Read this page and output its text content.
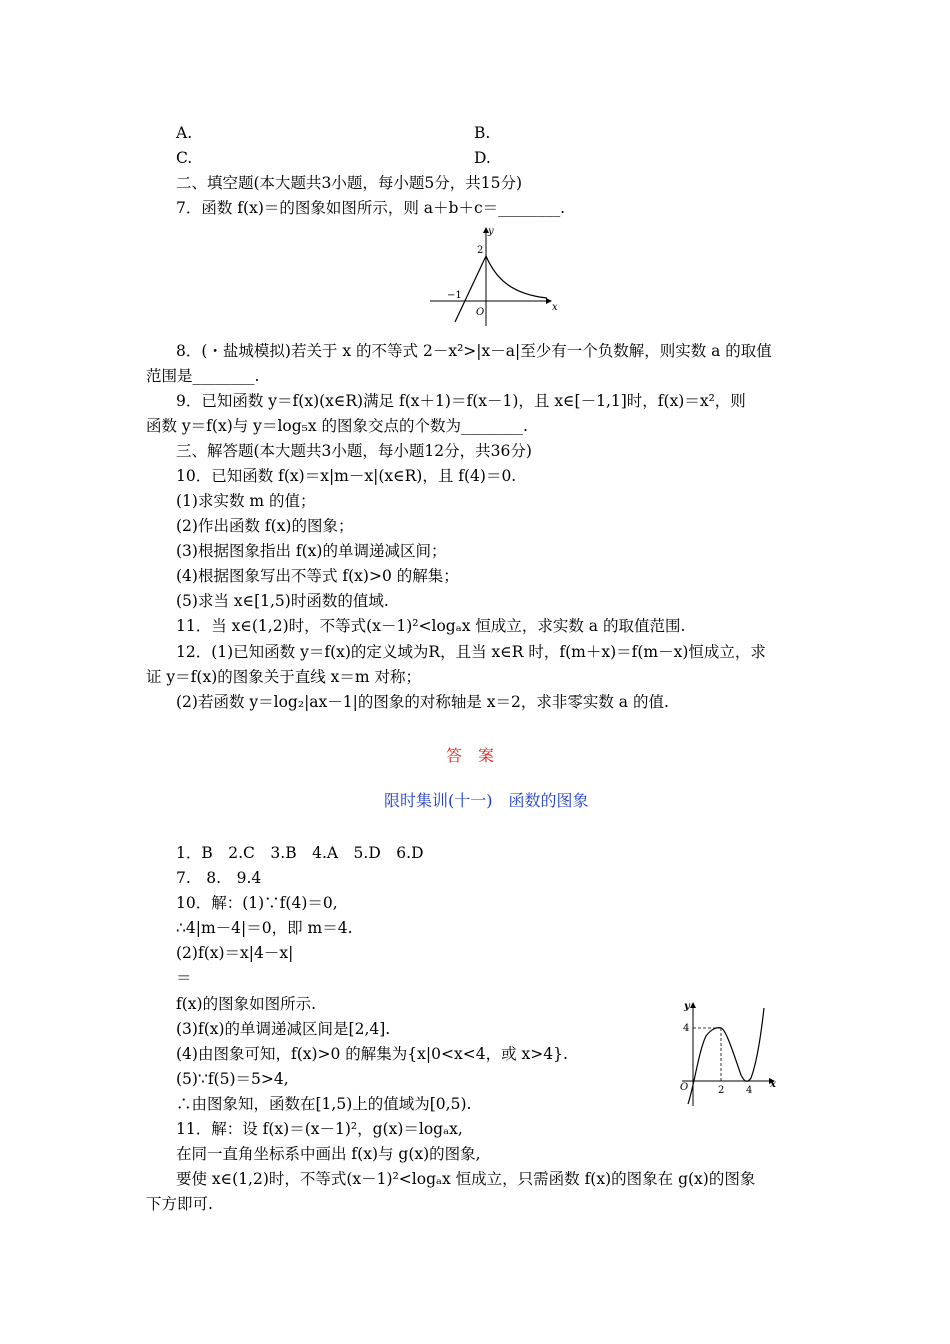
A.	B.
C.	D.
二、填空题(本大题共3小题，每小题5分，共15分)
7．函数 f(x)＝的图象如图所示，则 a＋b＋c＝________.
y
x
O
2
−1
8．(・盐城模拟)若关于 x 的不等式 2－x²>|x－a|至少有一个负数解，则实数 a 的取值
范围是________.
9．已知函数 y＝f(x)(x∈R)满足 f(x＋1)＝f(x－1)，且 x∈[－1,1]时，f(x)＝x²，则
函数 y＝f(x)与 y＝log₅x 的图象交点的个数为________.
三、解答题(本大题共3小题，每小题12分，共36分)
10．已知函数 f(x)＝x|m－x|(x∈R)，且 f(4)＝0.
(1)求实数 m 的值；
(2)作出函数 f(x)的图象；
(3)根据图象指出 f(x)的单调递减区间；
(4)根据图象写出不等式 f(x)>0 的解集；
(5)求当 x∈[1,5)时函数的值域.
11．当 x∈(1,2)时，不等式(x－1)²<logₐx 恒成立，求实数 a 的取值范围.
12．(1)已知函数 y＝f(x)的定义域为R，且当 x∈R 时，f(m＋x)＝f(m－x)恒成立，求
证 y＝f(x)的图象关于直线 x＝m 对称；
(2)若函数 y＝log₂|ax－1|的图象的对称轴是 x＝2，求非零实数 a 的值.
答　案
限时集训(十一)　函数的图象
1．B　2.C　3.B　4.A　5.D　6.D
7.　8.　9.4
10．解：(1)∵f(4)＝0,
∴4|m－4|＝0，即 m＝4.
(2)f(x)＝x|4－x|
＝
f(x)的图象如图所示.
(3)f(x)的单调递减区间是[2,4].
(4)由图象可知，f(x)>0 的解集为{x|0<x<4，或 x>4}.
(5)∵f(5)＝5>4,
∴由图象知，函数在[1,5)上的值域为[0,5).
y
x
O
4
2 4
11．解：设 f(x)＝(x－1)²，g(x)＝logₐx,
在同一直角坐标系中画出 f(x)与 g(x)的图象,
要使 x∈(1,2)时，不等式(x－1)²<logₐx 恒成立，只需函数 f(x)的图象在 g(x)的图象
下方即可.
